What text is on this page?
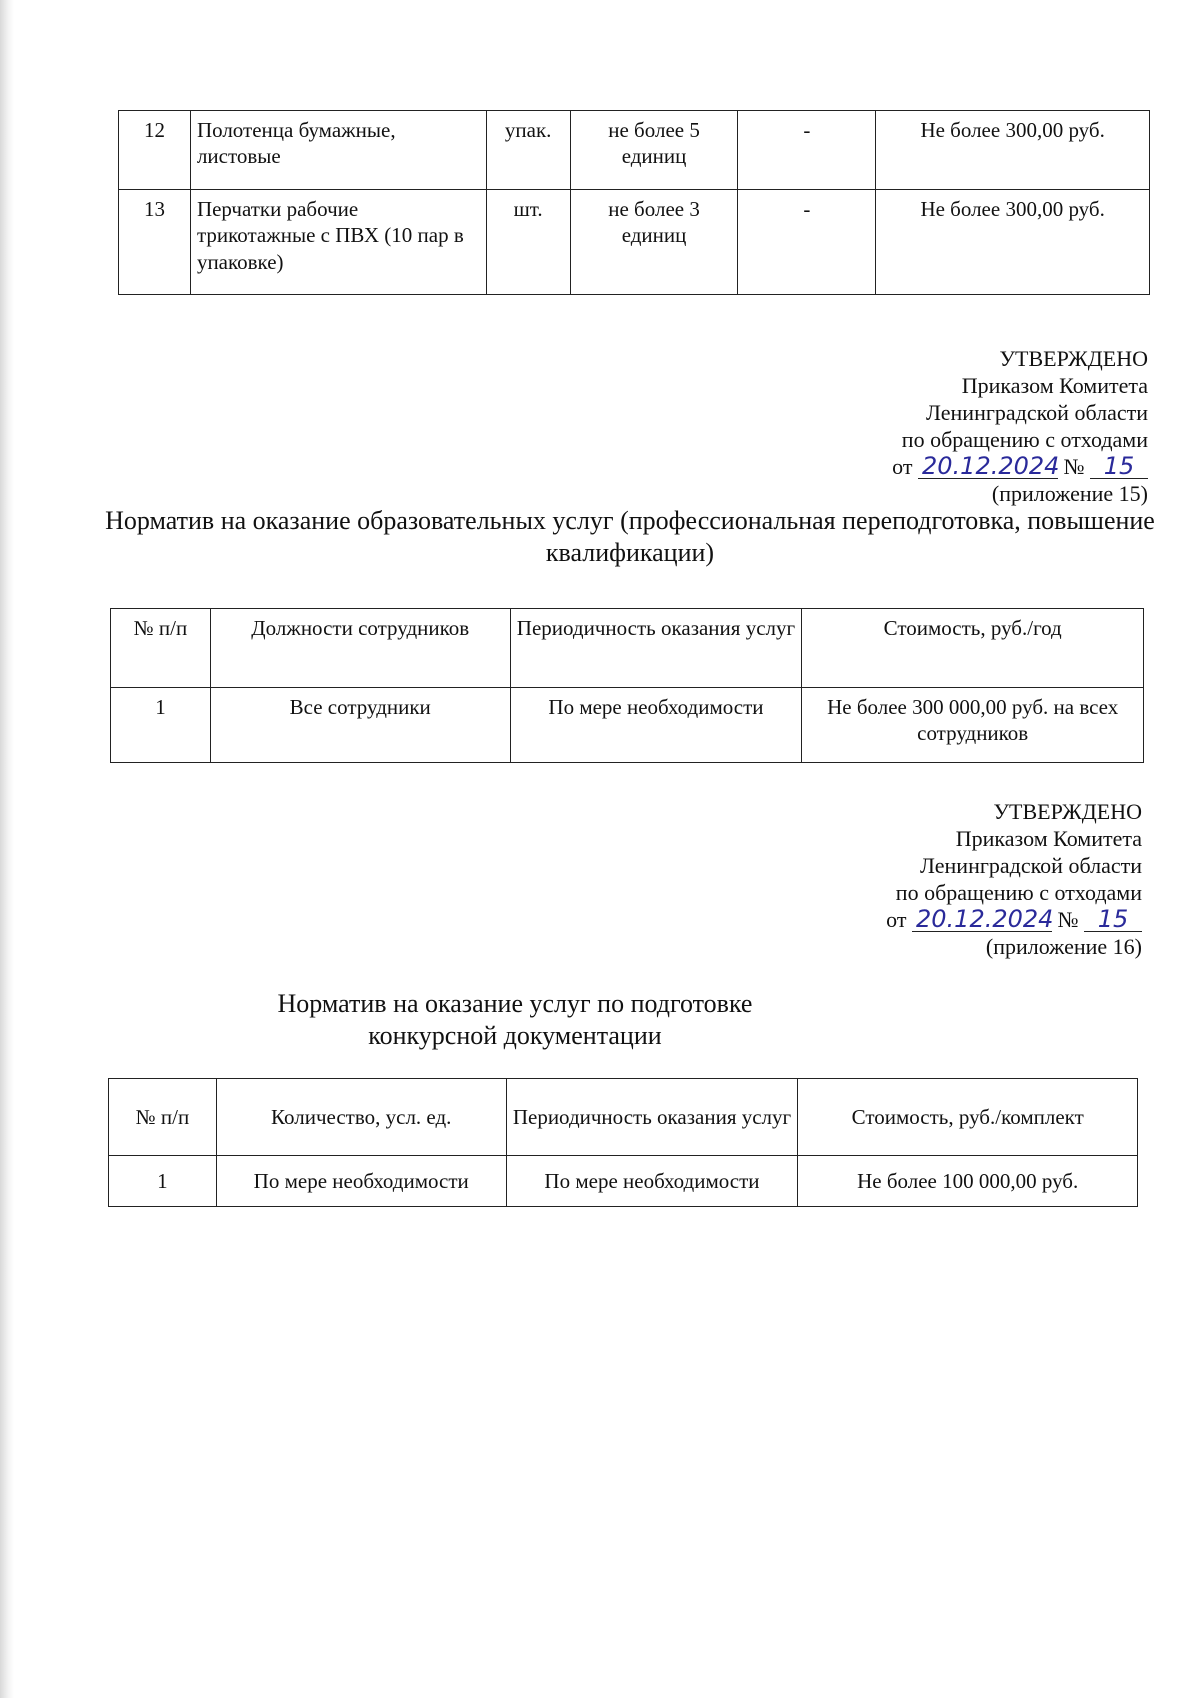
12	Полотенца бумажные, листовые	упак.	не более 5 единиц	-	Не более 300,00 руб.
13	Перчатки рабочие трикотажные с ПВХ (10 пар в упаковке)	шт.	не более 3 единиц	-	Не более 300,00 руб.
УТВЕРЖДЕНО
Приказом Комитета
Ленинградской области
по обращению с отходами
от 20.12.2024 № 15
(приложение 15)
Норматив на оказание образовательных услуг (профессиональная переподготовка, повышение квалификации)
№ п/п	Должности сотрудников	Периодичность оказания услуг	Стоимость, руб./год
1	Все сотрудники	По мере необходимости	Не более 300 000,00 руб. на всех сотрудников
УТВЕРЖДЕНО
Приказом Комитета
Ленинградской области
по обращению с отходами
от 20.12.2024 № 15
(приложение 16)
Норматив на оказание услуг по подготовке конкурсной документации
№ п/п	Количество, усл. ед.	Периодичность оказания услуг	Стоимость, руб./комплект
1	По мере необходимости	По мере необходимости	Не более 100 000,00 руб.
